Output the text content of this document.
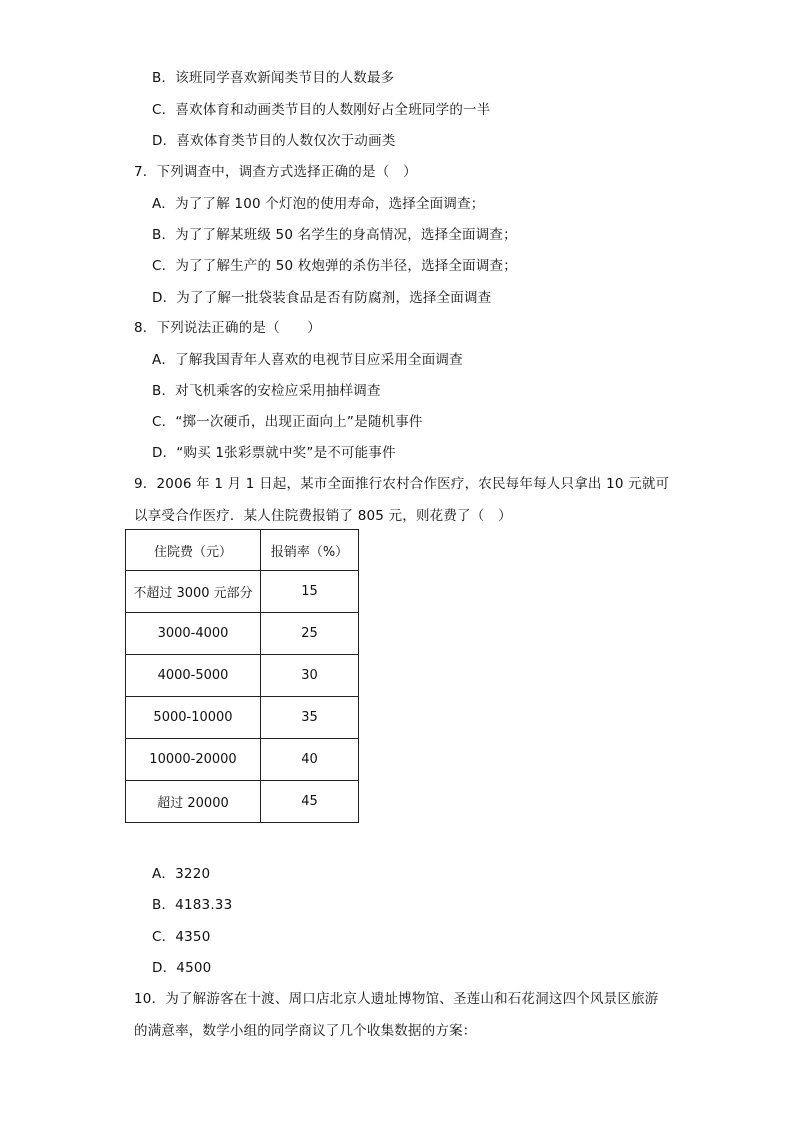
B．该班同学喜欢新闻类节目的人数最多
C．喜欢体育和动画类节目的人数刚好占全班同学的一半
D．喜欢体育类节目的人数仅次于动画类
7．下列调查中，调查方式选择正确的是（　）
A．为了了解 100 个灯泡的使用寿命，选择全面调查；
B．为了了解某班级 50 名学生的身高情况，选择全面调查；
C．为了了解生产的 50 枚炮弹的杀伤半径，选择全面调查；
D．为了了解一批袋装食品是否有防腐剂，选择全面调查
8．下列说法正确的是（　　）
A．了解我国青年人喜欢的电视节目应采用全面调查
B．对飞机乘客的安检应采用抽样调查
C．“掷一次硬币，出现正面向上”是随机事件
D．“购买 1张彩票就中奖”是不可能事件
9．2006 年 1 月 1 日起，某市全面推行农村合作医疗，农民每年每人只拿出 10 元就可
以享受合作医疗．某人住院费报销了 805 元，则花费了（　）
住院费（元）	报销率（%）
不超过 3000 元部分	15
3000-4000	25
4000-5000	30
5000-10000	35
10000-20000	40
超过 20000	45
A．3220
B．4183.33
C．4350
D．4500
10．为了解游客在十渡、周口店北京人遗址博物馆、圣莲山和石花洞这四个风景区旅游
的满意率，数学小组的同学商议了几个收集数据的方案：
